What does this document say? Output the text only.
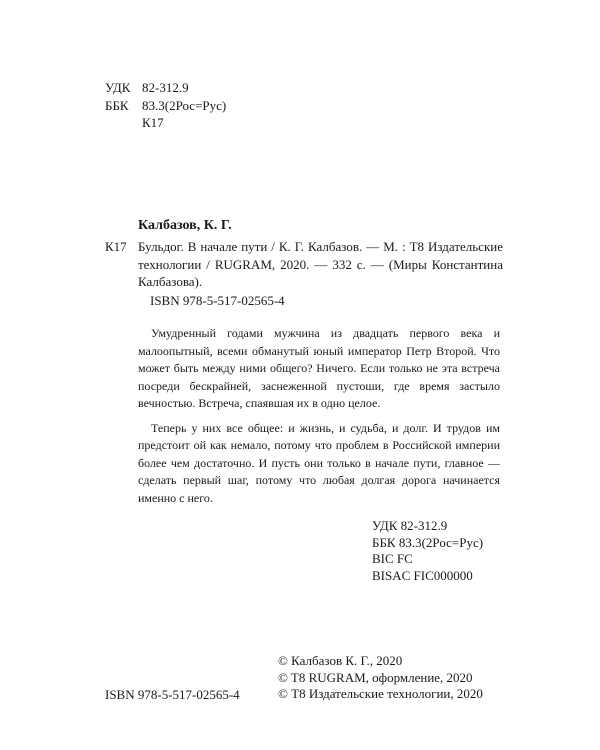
УДК 82-312.9
ББК	83.3(2Рос=Рус)
К17
Калбазов, К. Г.
К17 Бульдог. В начале пути / К. Г. Калбазов. — М. : Т8 Издательские технологии / RUGRAM, 2020. — 332 с. — (Миры Константина Калбазова).
ISBN 978-5-517-02565-4

Умудренный годами мужчина из двадцать первого века и малоопытный, всеми обманутый юный император Петр Второй. Что может быть между ними общего? Ничего. Если только не эта встреча посреди бескрайней, заснеженной пустоши, где время застыло вечностью. Встреча, спаявшая их в одно целое.

Теперь у них все общее: и жизнь, и судьба, и долг. И трудов им предстоит ой как немало, потому что проблем в Российской империи более чем достаточно. И пусть они только в начале пути, главное — сделать первый шаг, потому что любая долгая дорога начинается именно с него.

УДК 82-312.9
ББК 83.3(2Рос=Рус)
BIC FC
BISAC FIC000000
© Калбазов К. Г., 2020
© T8 RUGRAM, оформление, 2020
© Т8 Издательские технологии, 2020
ISBN 978-5-517-02565-4
